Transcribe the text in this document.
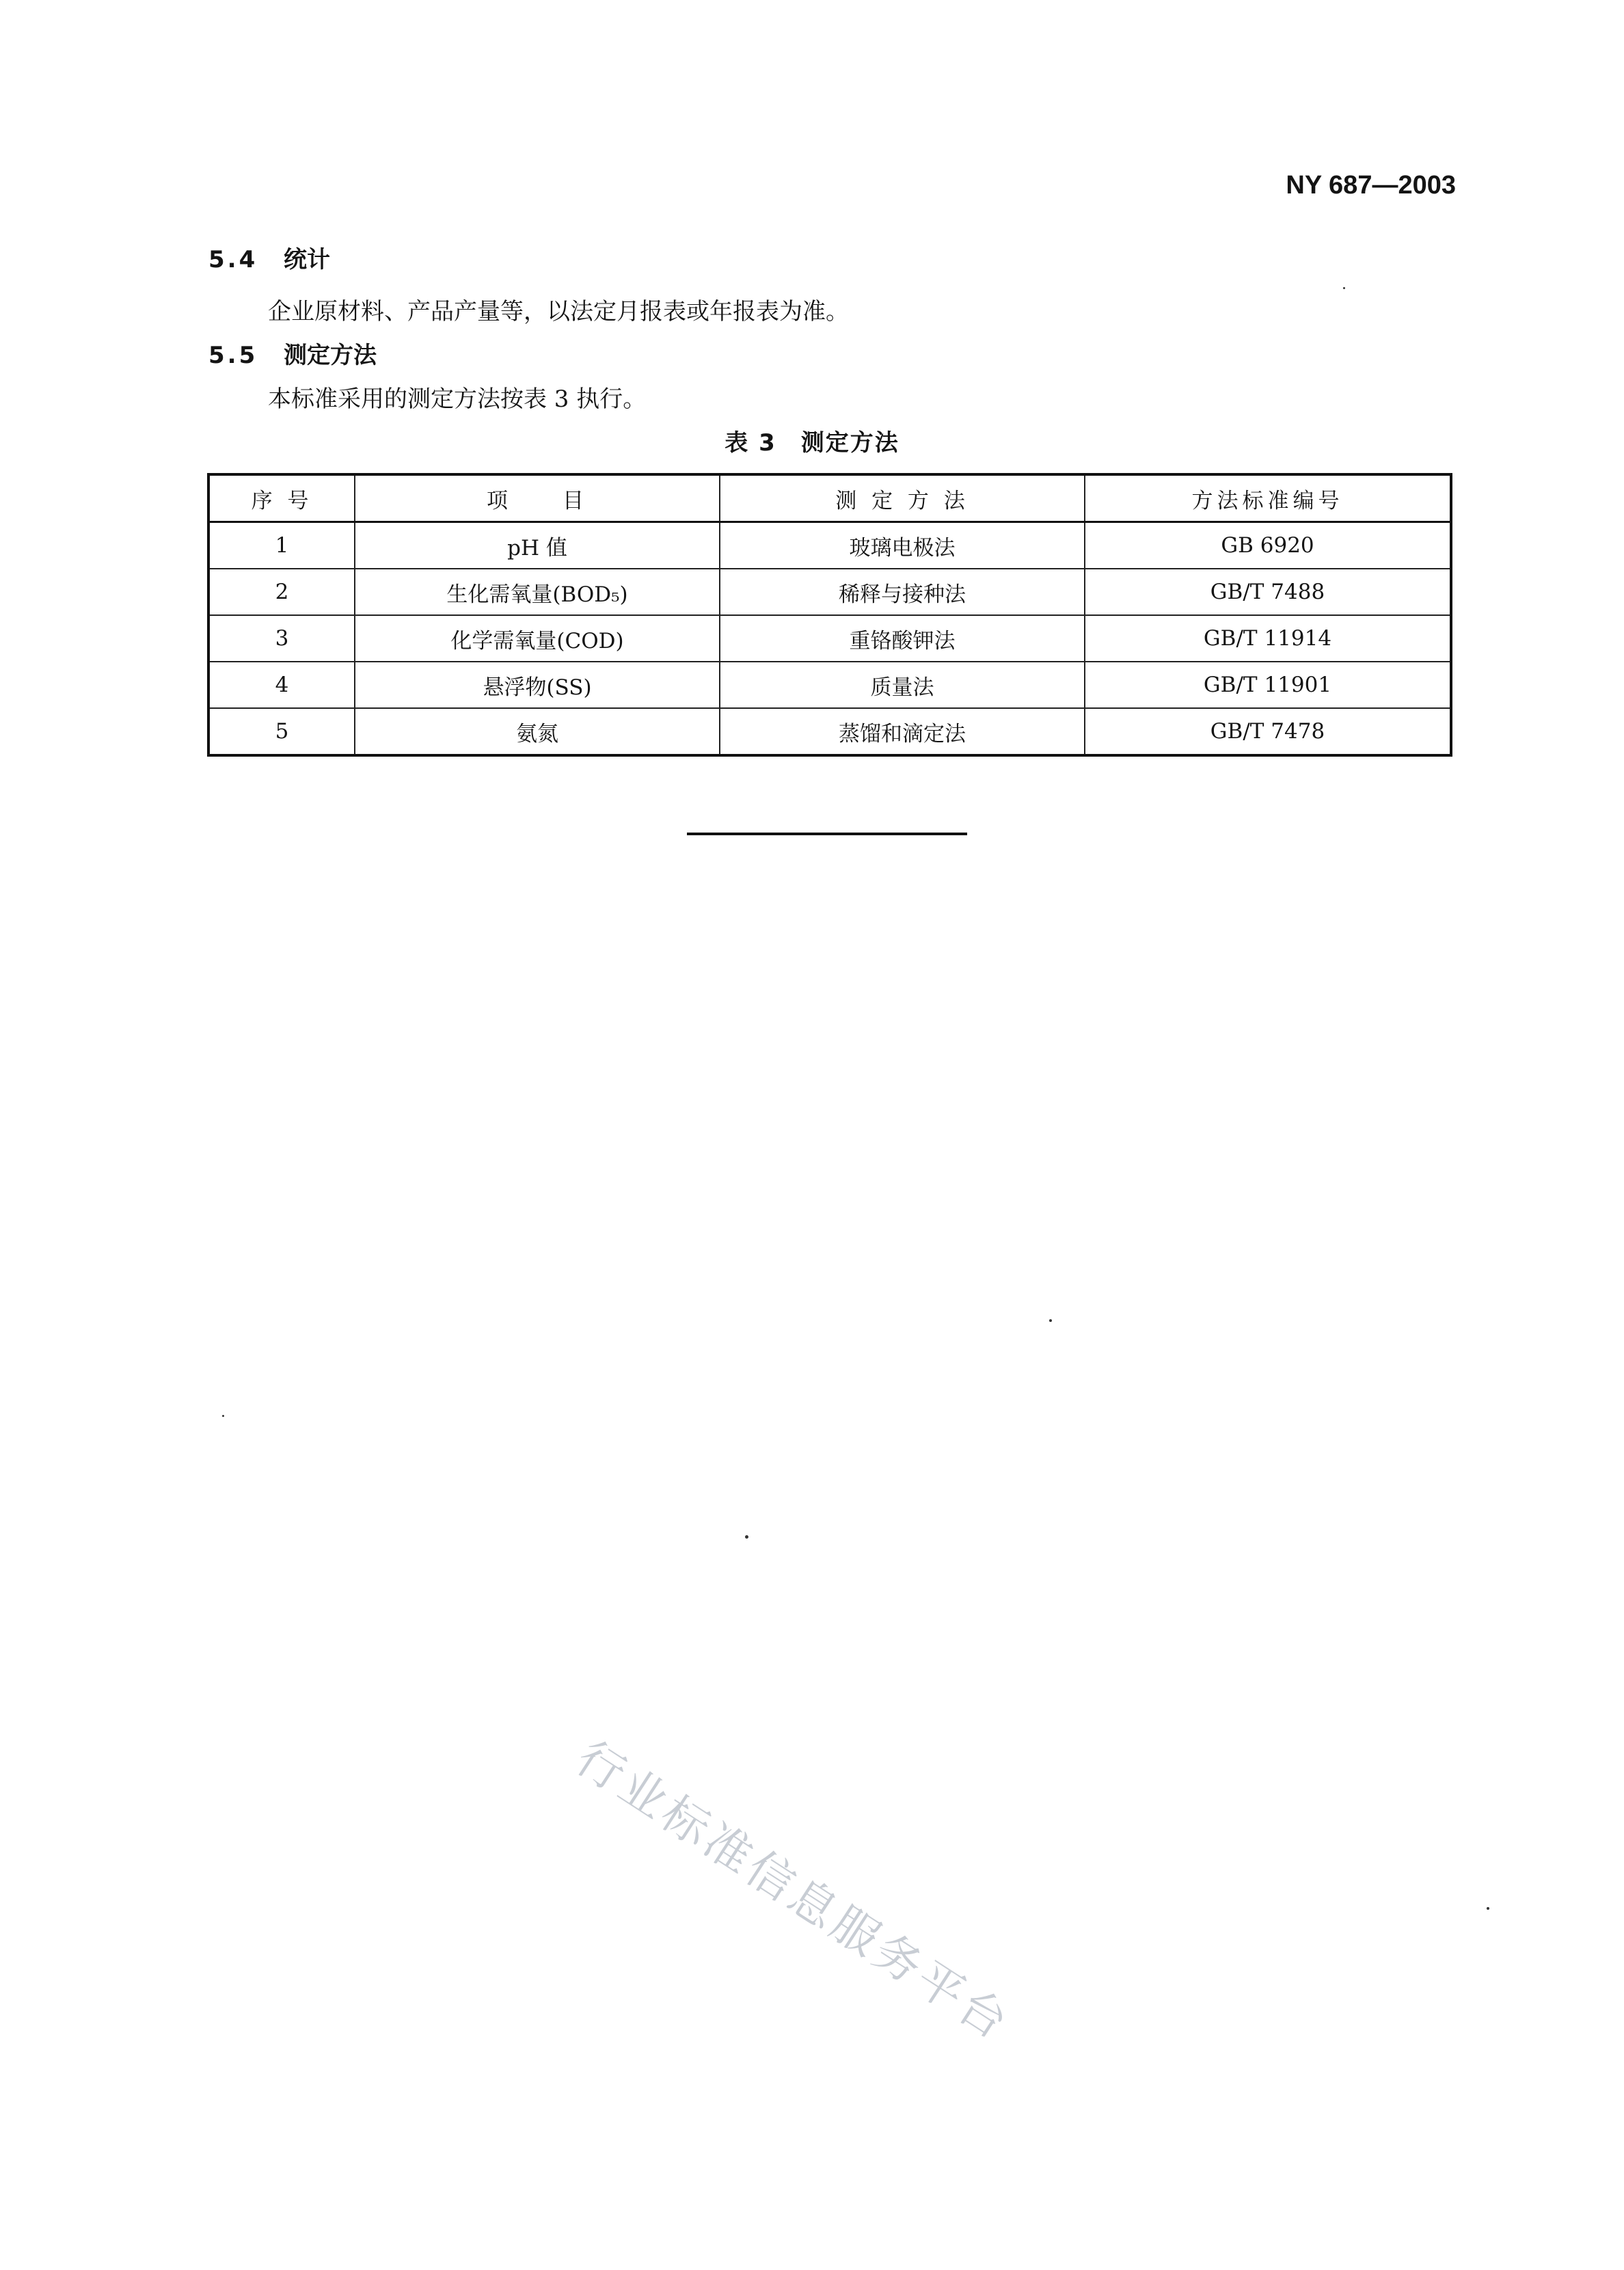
NY 687—2003
5.4 统计
企业原材料、产品产量等，以法定月报表或年报表为准。
5.5 测定方法
本标准采用的测定方法按表 3 执行。
表 3　测定方法
序 号	项　　目	测 定 方 法	方法标准编号
1	pH 值	玻璃电极法	GB 6920
2	生化需氧量(BOD₅)	稀释与接种法	GB/T 7488
3	化学需氧量(COD)	重铬酸钾法	GB/T 11914
4	悬浮物(SS)	质量法	GB/T 11901
5	氨氮	蒸馏和滴定法	GB/T 7478
行业标准信息服务平台
